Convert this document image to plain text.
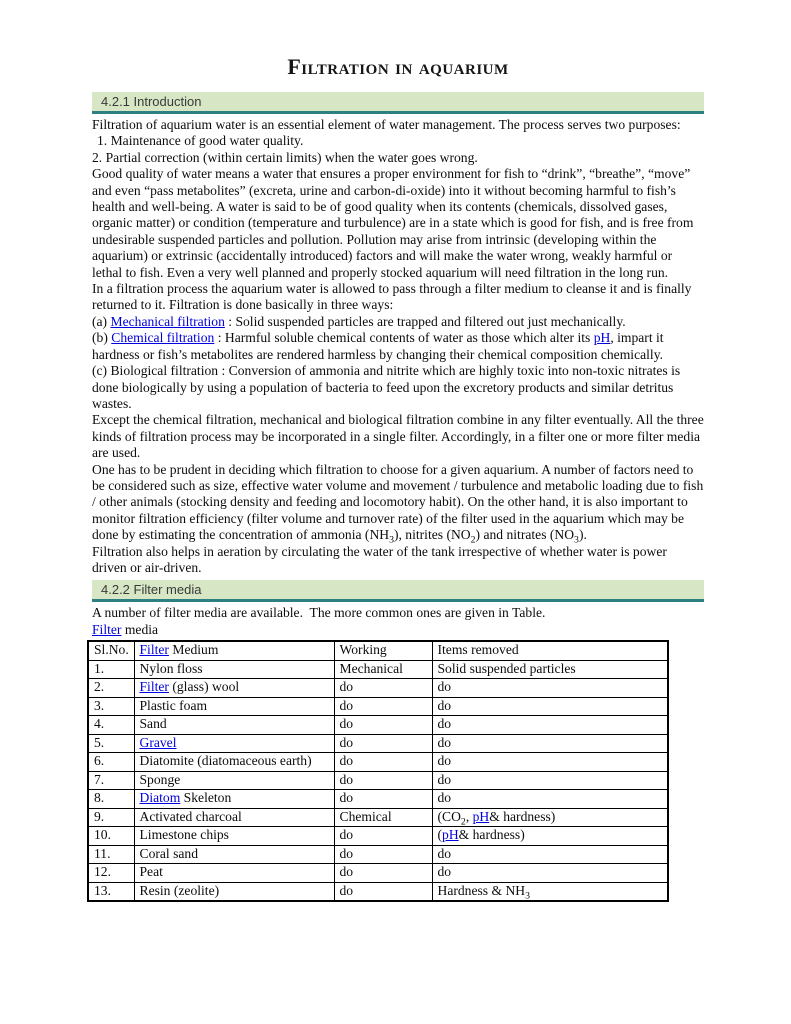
Filtration in aquarium
4.2.1 Introduction

Filtration of aquarium water is an essential element of water management. The process serves two purposes:

1. Maintenance of good water quality.

2. Partial correction (within certain limits) when the water goes wrong.

Good quality of water means a water that ensures a proper environment for fish to “drink”, “breathe”, “move” and even “pass metabolites” (excreta, urine and carbon-di-oxide) into it without becoming harmful to fish’s health and well-being. A water is said to be of good quality when its contents (chemicals, dissolved gases, organic matter) or condition (temperature and turbulence) are in a state which is good for fish, and is free from undesirable suspended particles and pollution. Pollution may arise from intrinsic (developing within the aquarium) or extrinsic (accidentally introduced) factors and will make the water wrong, weakly harmful or lethal to fish. Even a very well planned and properly stocked aquarium will need filtration in the long run.

In a filtration process the aquarium water is allowed to pass through a filter medium to cleanse it and is finally returned to it. Filtration is done basically in three ways:

(a) Mechanical filtration : Solid suspended particles are trapped and filtered out just mechanically.

(b) Chemical filtration : Harmful soluble chemical contents of water as those which alter its pH, impart it hardness or fish’s metabolites are rendered harmless by changing their chemical composition chemically.

(c) Biological filtration : Conversion of ammonia and nitrite which are highly toxic into non-toxic nitrates is done biologically by using a population of bacteria to feed upon the excretory products and similar detritus wastes.

Except the chemical filtration, mechanical and biological filtration combine in any filter eventually. All the three kinds of filtration process may be incorporated in a single filter. Accordingly, in a filter one or more filter media are used.

One has to be prudent in deciding which filtration to choose for a given aquarium. A number of factors need to be considered such as size, effective water volume and movement / turbulence and metabolic loading due to fish / other animals (stocking density and feeding and locomotory habit). On the other hand, it is also important to monitor filtration efficiency (filter volume and turnover rate) of the filter used in the aquarium which may be done by estimating the concentration of ammonia $(NH_3)$, nitrites $(NO_2)$ and nitrates $(NO_3)$.

Filtration also helps in aeration by circulating the water of the tank irrespective of whether water is power driven or air-driven.

4.2.2 Filter media

A number of filter media are available.  The more common ones are given in Table.

Filter media

Sl.No.	Filter Medium	Working	Items removed
1.	Nylon floss	Mechanical	Solid suspended particles
2.	Filter (glass) wool	do	do
3.	Plastic foam	do	do
4.	Sand	do	do
5.	Gravel	do	do
6.	Diatomite (diatomaceous earth)	do	do
7.	Sponge	do	do
8.	Diatom Skeleton	do	do
9.	Activated charcoal	Chemical	($CO_2$, pH& hardness)
10.	Limestone chips	do	(pH& hardness)
11.	Coral sand	do	do
12.	Peat	do	do
13.	Resin (zeolite)	do	Hardness & $NH_3$
